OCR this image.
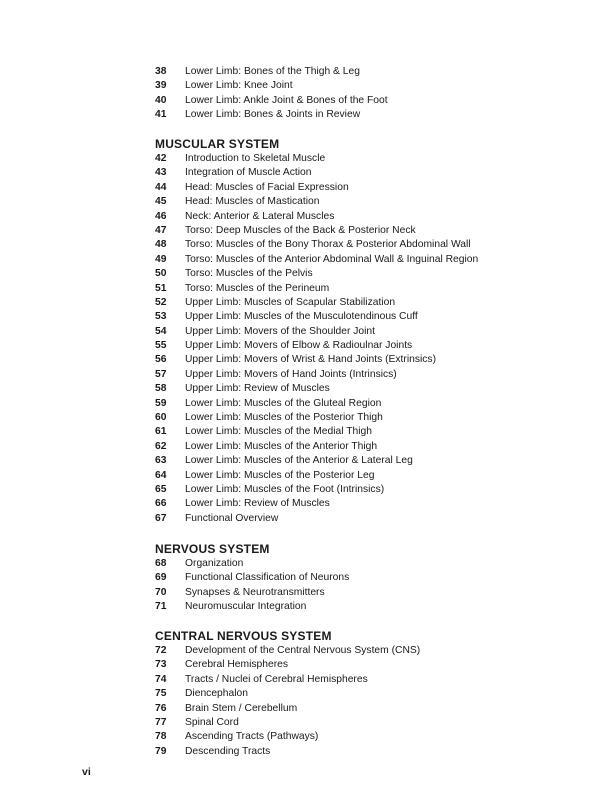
38	Lower Limb: Bones of the Thigh & Leg
39	Lower Limb: Knee Joint
40	Lower Limb: Ankle Joint & Bones of the Foot
41	Lower Limb: Bones & Joints in Review
MUSCULAR SYSTEM
42	Introduction to Skeletal Muscle
43	Integration of Muscle Action
44	Head: Muscles of Facial Expression
45	Head: Muscles of Mastication
46	Neck: Anterior & Lateral Muscles
47	Torso: Deep Muscles of the Back & Posterior Neck
48	Torso: Muscles of the Bony Thorax & Posterior Abdominal Wall
49	Torso: Muscles of the Anterior Abdominal Wall & Inguinal Region
50	Torso: Muscles of the Pelvis
51	Torso: Muscles of the Perineum
52	Upper Limb: Muscles of Scapular Stabilization
53	Upper Limb: Muscles of the Musculotendinous Cuff
54	Upper Limb: Movers of the Shoulder Joint
55	Upper Limb: Movers of Elbow & Radioulnar Joints
56	Upper Limb: Movers of Wrist & Hand Joints (Extrinsics)
57	Upper Limb: Movers of Hand Joints (Intrinsics)
58	Upper Limb: Review of Muscles
59	Lower Limb: Muscles of the Gluteal Region
60	Lower Limb: Muscles of the Posterior Thigh
61	Lower Limb: Muscles of the Medial Thigh
62	Lower Limb: Muscles of the Anterior Thigh
63	Lower Limb: Muscles of the Anterior & Lateral Leg
64	Lower Limb: Muscles of the Posterior Leg
65	Lower Limb: Muscles of the Foot (Intrinsics)
66	Lower Limb: Review of Muscles
67	Functional Overview
NERVOUS SYSTEM
68	Organization
69	Functional Classification of Neurons
70	Synapses & Neurotransmitters
71	Neuromuscular Integration
CENTRAL NERVOUS SYSTEM
72	Development of the Central Nervous System (CNS)
73	Cerebral Hemispheres
74	Tracts / Nuclei of Cerebral Hemispheres
75	Diencephalon
76	Brain Stem / Cerebellum
77	Spinal Cord
78	Ascending Tracts (Pathways)
79	Descending Tracts
vi
